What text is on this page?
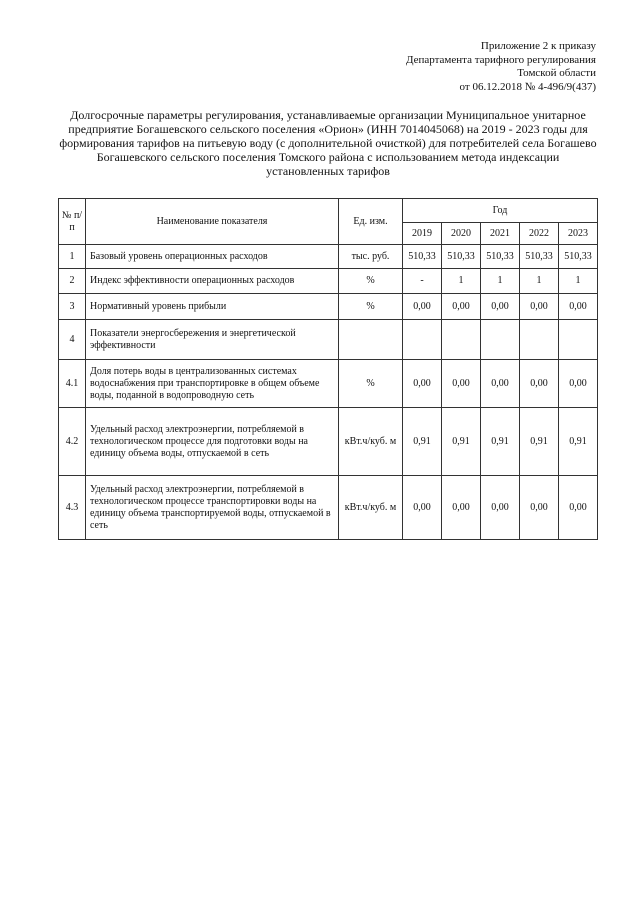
Приложение 2 к приказу
Департамента тарифного регулирования
Томской области
от 06.12.2018 № 4-496/9(437)
Долгосрочные параметры регулирования, устанавливаемые организации Муниципальное унитарное предприятие Богашевского сельского поселения «Орион» (ИНН 7014045068) на 2019 - 2023 годы для формирования тарифов на питьевую воду (с дополнительной очисткой) для потребителей села Богашево Богашевского сельского поселения Томского района с использованием метода индексации установленных тарифов
№ п/п	Наименование показателя	Ед. изм.	Год				
			2019	2020	2021	2022	2023
1	Базовый уровень операционных расходов	тыс. руб.	510,33	510,33	510,33	510,33	510,33
2	Индекс эффективности операционных расходов	%	-	1	1	1	1
3	Нормативный уровень прибыли	%	0,00	0,00	0,00	0,00	0,00
4	Показатели энергосбережения и энергетической эффективности						
4.1	Доля потерь воды в централизованных системах водоснабжения при транспортировке в общем объеме воды, поданной в водопроводную сеть	%	0,00	0,00	0,00	0,00	0,00
4.2	Удельный расход электроэнергии, потребляемой в технологическом процессе для подготовки воды на единицу объема воды, отпускаемой в сеть	кВт.ч/куб. м	0,91	0,91	0,91	0,91	0,91
4.3	Удельный расход электроэнергии, потребляемой в технологическом процессе транспортировки воды на единицу объема транспортируемой воды, отпускаемой в сеть	кВт.ч/куб. м	0,00	0,00	0,00	0,00	0,00
